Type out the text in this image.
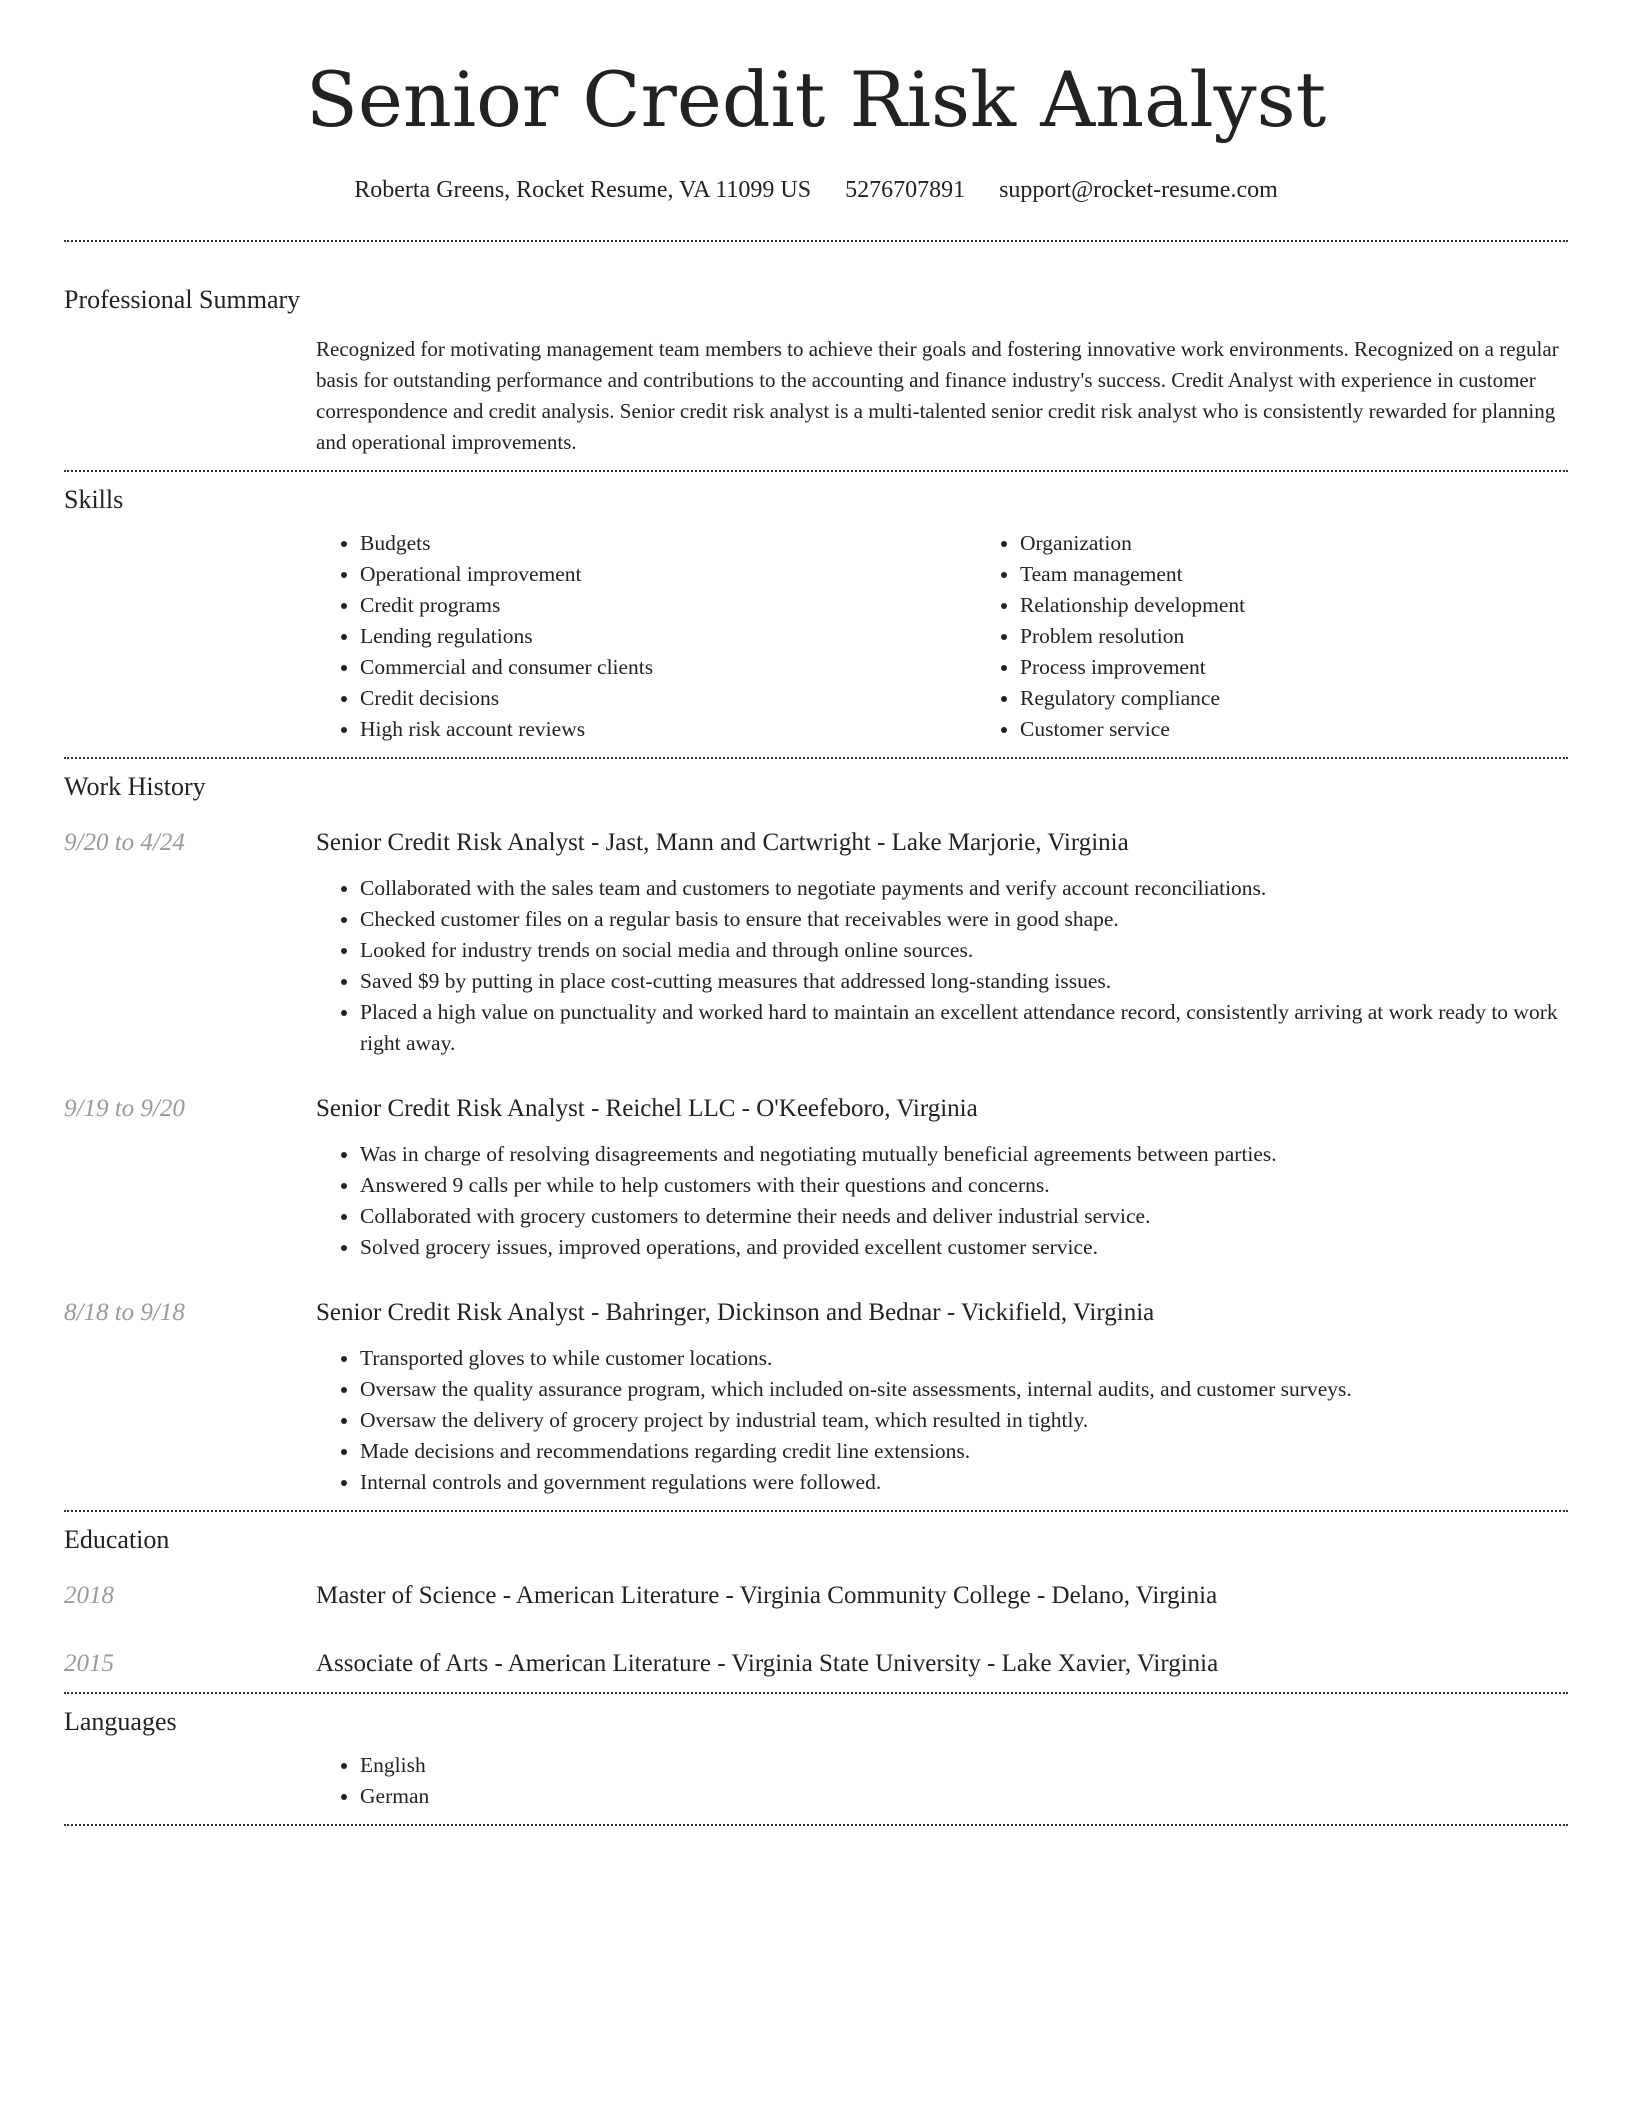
Senior Credit Risk Analyst
Roberta Greens, Rocket Resume, VA 11099 US 5276707891 support@rocket-resume.com
Professional Summary

Recognized for motivating management team members to achieve their goals and fostering innovative work environments. Recognized on a regular basis for outstanding performance and contributions to the accounting and finance industry's success. Credit Analyst with experience in customer correspondence and credit analysis. Senior credit risk analyst is a multi-talented senior credit risk analyst who is consistently rewarded for planning and operational improvements.

Skills
• Budgets
• Operational improvement
• Credit programs
• Lending regulations
• Commercial and consumer clients
• Credit decisions
• High risk account reviews
• Organization
• Team management
• Relationship development
• Problem resolution
• Process improvement
• Regulatory compliance
• Customer service
Work History
9/20 to 4/24	Senior Credit Risk Analyst - Jast, Mann and Cartwright - Lake Marjorie, Virginia
• Collaborated with the sales team and customers to negotiate payments and verify account reconciliations.
• Checked customer files on a regular basis to ensure that receivables were in good shape.
• Looked for industry trends on social media and through online sources.
• Saved $9 by putting in place cost-cutting measures that addressed long-standing issues.
• Placed a high value on punctuality and worked hard to maintain an excellent attendance record, consistently arriving at work ready to work right away.
9/19 to 9/20	Senior Credit Risk Analyst - Reichel LLC - O'Keefeboro, Virginia
• Was in charge of resolving disagreements and negotiating mutually beneficial agreements between parties.
• Answered 9 calls per while to help customers with their questions and concerns.
• Collaborated with grocery customers to determine their needs and deliver industrial service.
• Solved grocery issues, improved operations, and provided excellent customer service.
8/18 to 9/18	Senior Credit Risk Analyst - Bahringer, Dickinson and Bednar - Vickifield, Virginia
• Transported gloves to while customer locations.
• Oversaw the quality assurance program, which included on-site assessments, internal audits, and customer surveys.
• Oversaw the delivery of grocery project by industrial team, which resulted in tightly.
• Made decisions and recommendations regarding credit line extensions.
• Internal controls and government regulations were followed.
Education
2018	Master of Science - American Literature - Virginia Community College - Delano, Virginia
2015	Associate of Arts - American Literature - Virginia State University - Lake Xavier, Virginia
Languages
• English
• German
